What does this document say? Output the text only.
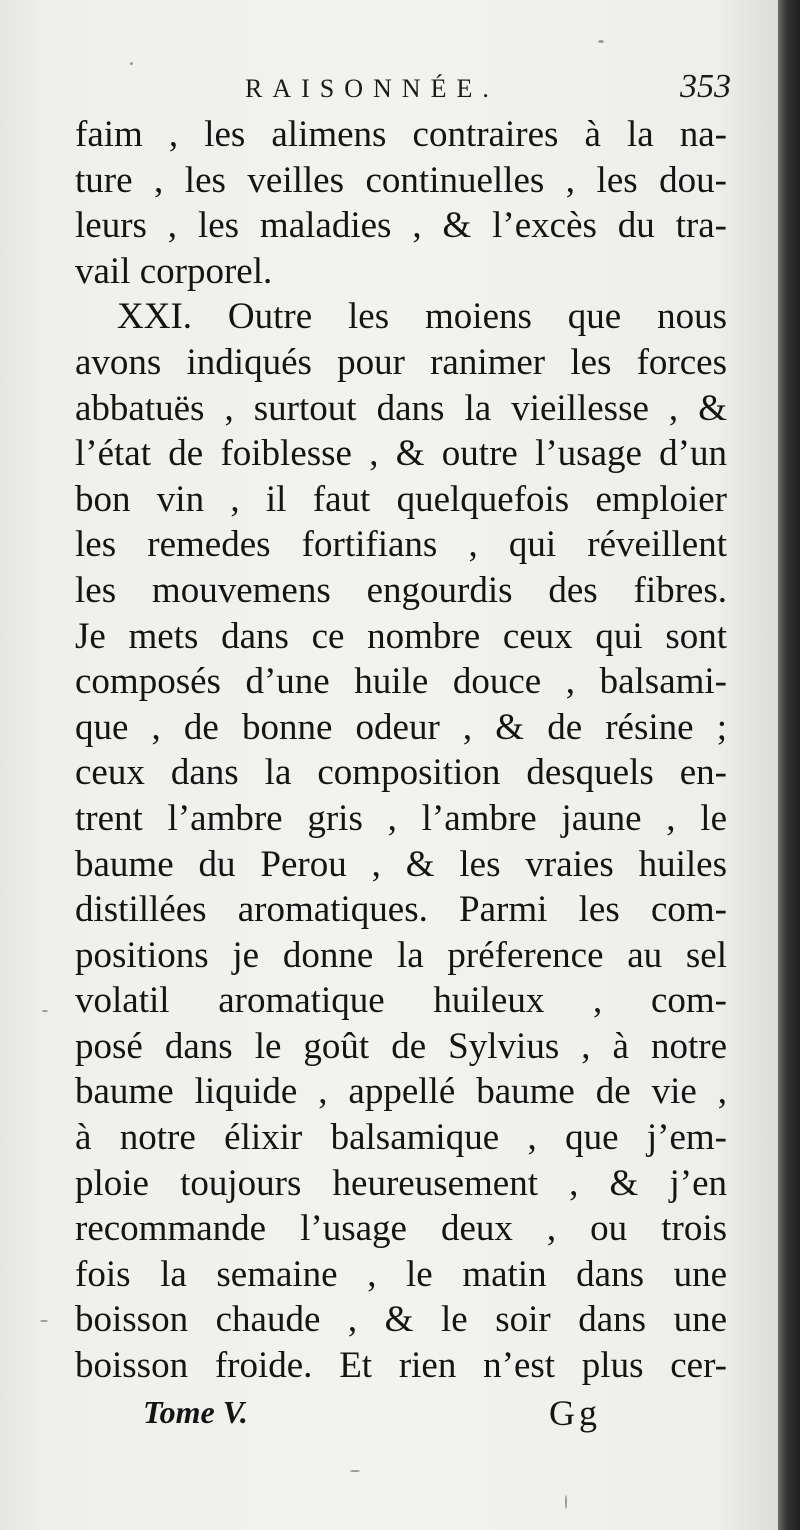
RAISONNÉE.	353
faim , les alimens contraires à la na-
ture , les veilles continuelles , les dou-
leurs , les maladies , & l’excès du tra-
vail corporel.
XXI. Outre les moiens que nous
avons indiqués pour ranimer les forces
abbatuës , surtout dans la vieillesse , &
l’état de foiblesse , & outre l’usage d’un
bon vin , il faut quelquefois emploier
les remedes fortifians , qui réveillent
les mouvemens engourdis des fibres.
Je mets dans ce nombre ceux qui sont
composés d’une huile douce , balsami-
que , de bonne odeur , & de résine ;
ceux dans la composition desquels en-
trent l’ambre gris , l’ambre jaune , le
baume du Perou , & les vraies huiles
distillées aromatiques. Parmi les com-
positions je donne la préference au sel
volatil aromatique huileux , com-
posé dans le goût de Sylvius , à notre
baume liquide , appellé baume de vie ,
à notre élixir balsamique , que j’em-
ploie toujours heureusement , & j’en
recommande l’usage deux , ou trois
fois la semaine , le matin dans une
boisson chaude , & le soir dans une
boisson froide. Et rien n’est plus cer-
Tome V.	Gg
